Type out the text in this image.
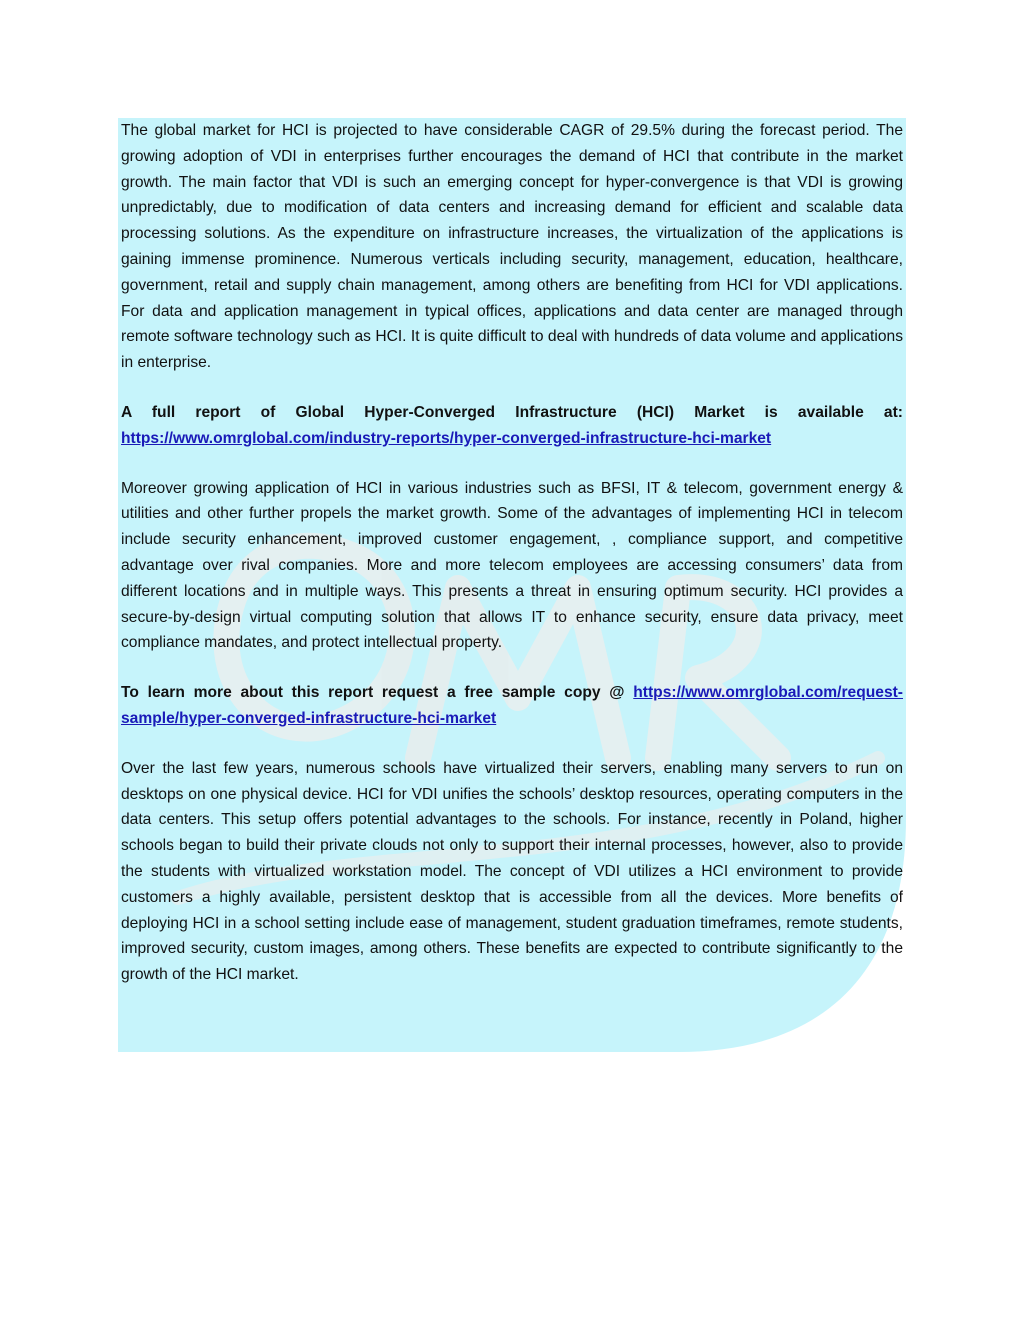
The global market for HCI is projected to have considerable CAGR of 29.5% during the forecast period. The growing adoption of VDI in enterprises further encourages the demand of HCI that contribute in the market growth. The main factor that VDI is such an emerging concept for hyper-convergence is that VDI is growing unpredictably, due to modification of data centers and increasing demand for efficient and scalable data processing solutions. As the expenditure on infrastructure increases, the virtualization of the applications is gaining immense prominence. Numerous verticals including security, management, education, healthcare, government, retail and supply chain management, among others are benefiting from HCI for VDI applications. For data and application management in typical offices, applications and data center are managed through remote software technology such as HCI. It is quite difficult to deal with hundreds of data volume and applications in enterprise.

A full report of Global Hyper-Converged Infrastructure (HCI) Market is available at: https://www.omrglobal.com/industry-reports/hyper-converged-infrastructure-hci-market

Moreover growing application of HCI in various industries such as BFSI, IT & telecom, government energy & utilities and other further propels the market growth. Some of the advantages of implementing HCI in telecom include security enhancement, improved customer engagement, , compliance support, and competitive advantage over rival companies. More and more telecom employees are accessing consumers’ data from different locations and in multiple ways. This presents a threat in ensuring optimum security. HCI provides a secure-by-design virtual computing solution that allows IT to enhance security, ensure data privacy, meet compliance mandates, and protect intellectual property.

To learn more about this report request a free sample copy @ https://www.omrglobal.com/request-sample/hyper-converged-infrastructure-hci-market

Over the last few years, numerous schools have virtualized their servers, enabling many servers to run on desktops on one physical device. HCI for VDI unifies the schools’ desktop resources, operating computers in the data centers. This setup offers potential advantages to the schools. For instance, recently in Poland, higher schools began to build their private clouds not only to support their internal processes, however, also to provide the students with virtualized workstation model. The concept of VDI utilizes a HCI environment to provide customers a highly available, persistent desktop that is accessible from all the devices. More benefits of deploying HCI in a school setting include ease of management, student graduation timeframes, remote students, improved security, custom images, among others. These benefits are expected to contribute significantly to the growth of the HCI market.
